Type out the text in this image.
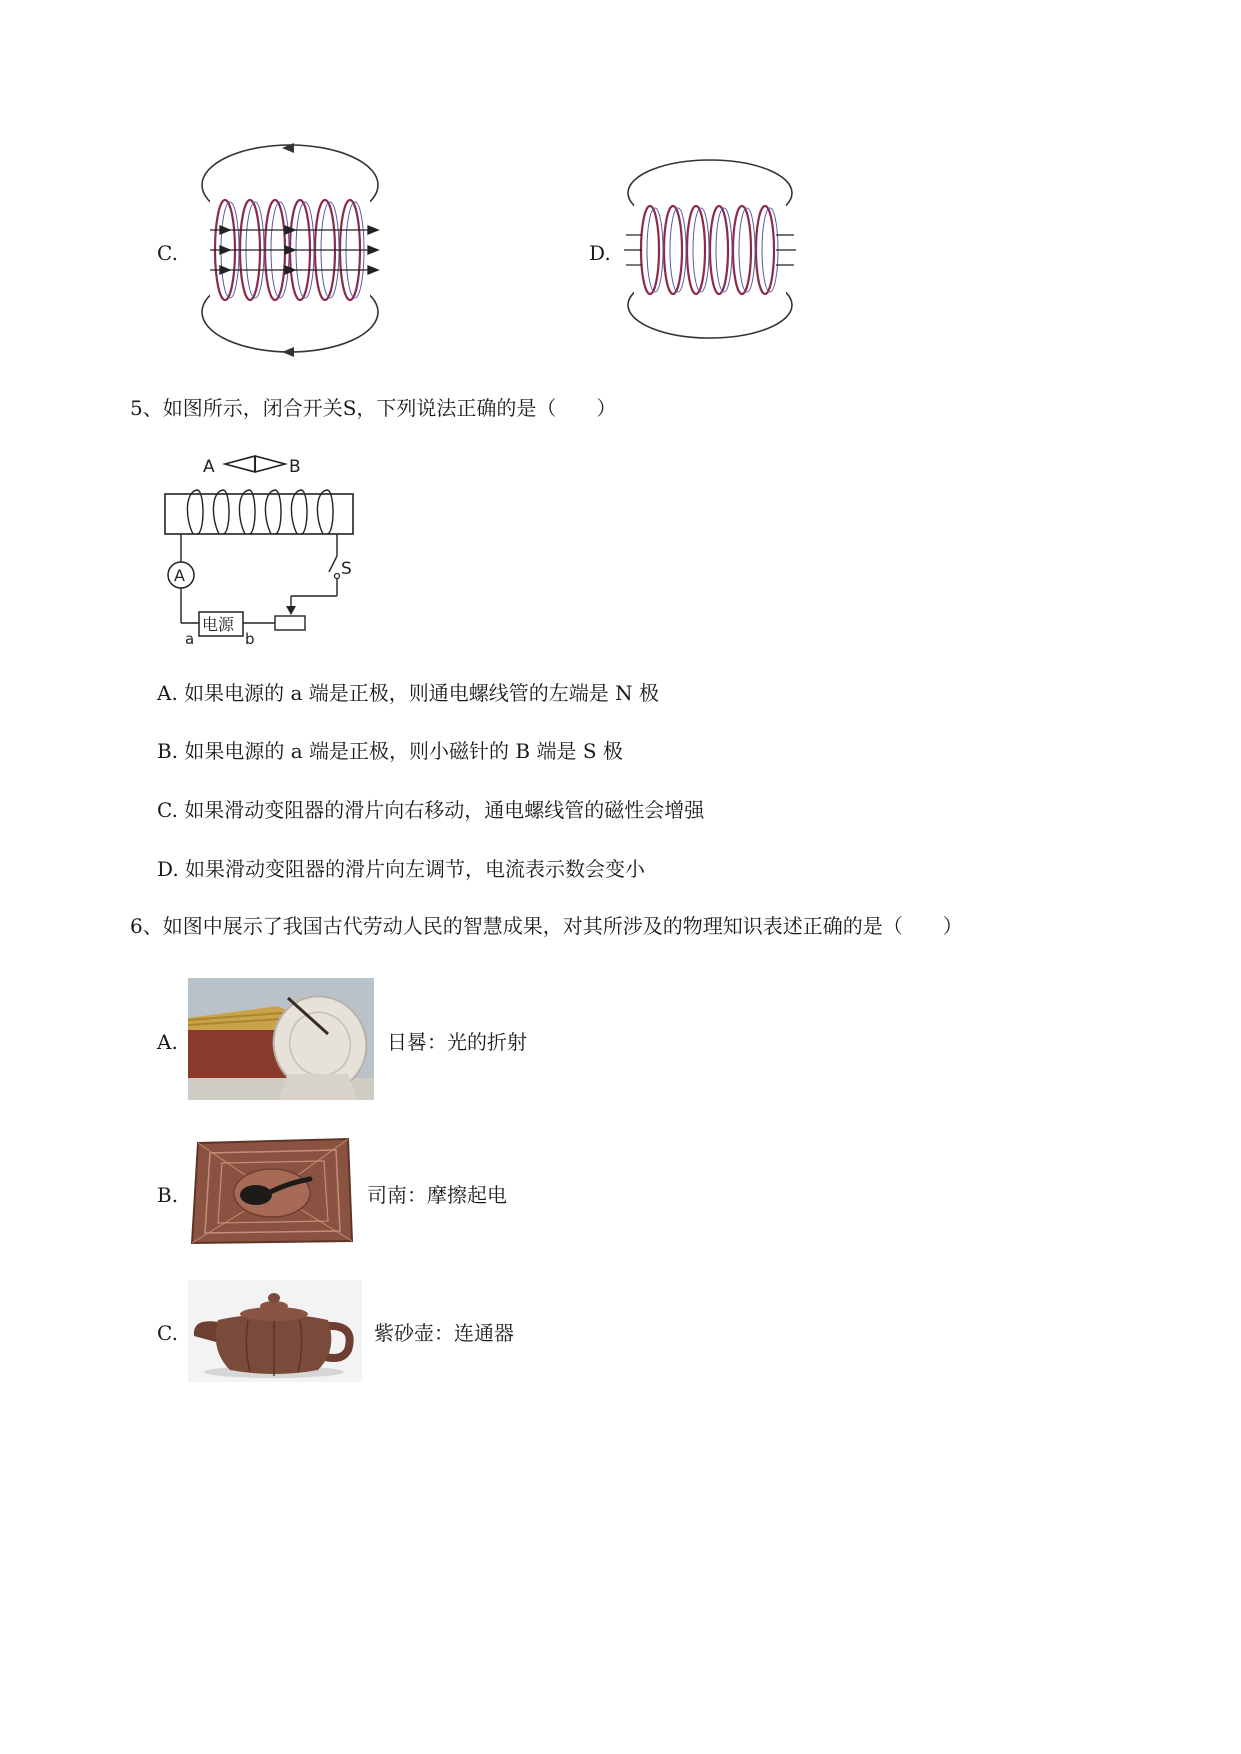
C.	D.
5、如图所示，闭合开关S，下列说法正确的是（　　）
A	B
S
A
电源
a	b
A. 如果电源的 a 端是正极，则通电螺线管的左端是 N 极
B. 如果电源的 a 端是正极，则小磁针的 B 端是 S 极
C. 如果滑动变阻器的滑片向右移动，通电螺线管的磁性会增强
D. 如果滑动变阻器的滑片向左调节，电流表示数会变小
6、如图中展示了我国古代劳动人民的智慧成果，对其所涉及的物理知识表述正确的是（　　）
A.	日晷：光的折射
B.	司南：摩擦起电
C.	紫砂壶：连通器
